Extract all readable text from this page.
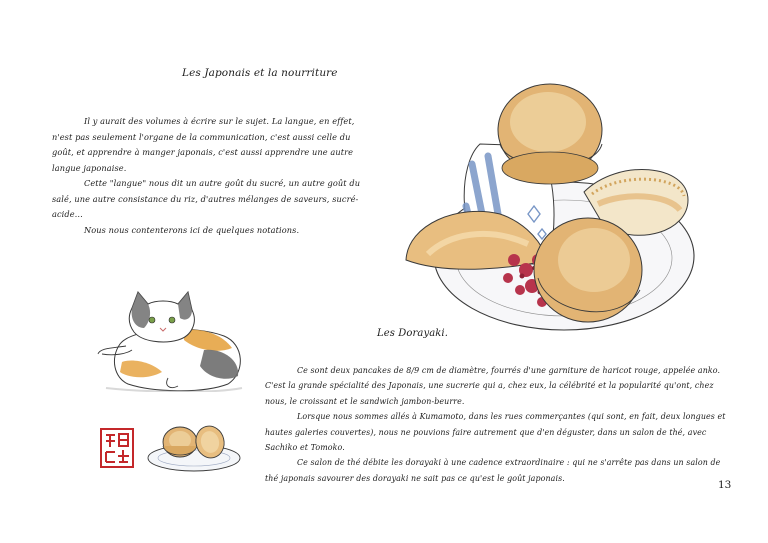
Les Japonais et la nourriture

Il y aurait des volumes à écrire sur le sujet. La langue, en effet, n'est pas seulement l'organe de la communication, c'est aussi celle du goût, et apprendre à manger japonais, c'est aussi apprendre une autre langue japonaise.

Cette "langue" nous dit un autre goût du sucré, un autre goût du salé, une autre consistance du riz, d'autres mélanges de saveurs, sucré-acide…

Nous nous contenterons ici de quelques notations.

Les Dorayaki.

Ce sont deux pancakes de 8/9 cm de diamètre, fourrés d'une garniture de haricot rouge, appelée anko. C'est la grande spécialité des Japonais, une sucrerie qui a, chez eux, la célébrité et la popularité qu'ont, chez nous, le croissant et le sandwich jambon-beurre.

Lorsque nous sommes allés à Kumamoto, dans les rues commerçantes (qui sont, en fait, deux longues et hautes galeries couvertes), nous ne pouvions faire autrement que d'en déguster, dans un salon de thé, avec Sachiko et Tomoko.

Ce salon de thé débite les dorayaki à une cadence extraordinaire : qui ne s'arrête pas dans un salon de thé japonais savourer des dorayaki ne sait pas ce qu'est le goût japonais.

13
